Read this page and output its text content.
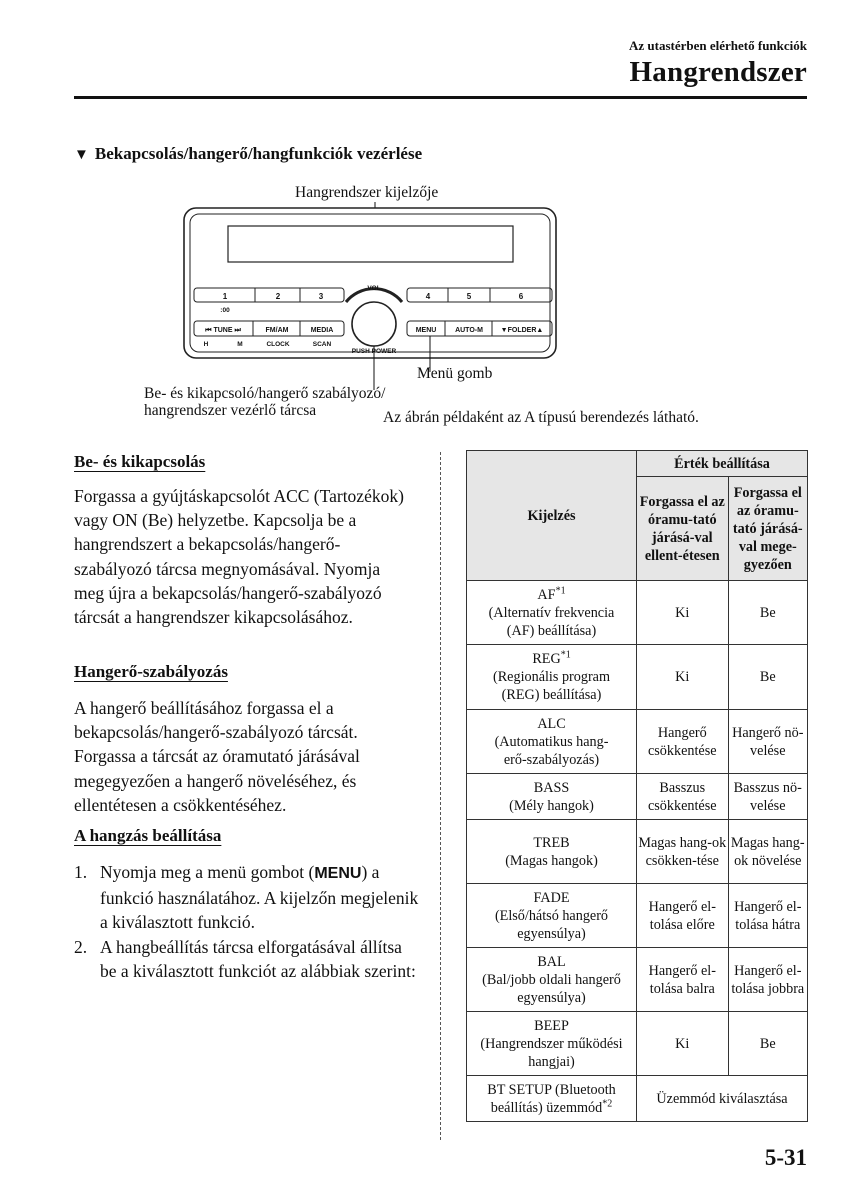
Az utastérben elérhető funkciók
Hangrendszer
▼ Bekapcsolás/hangerő/hangfunkciók vezérlése
1	2	3	4	5	6
:00
⏮ TUNE ⏭	FM/AM	MEDIA	MENU	AUTO-M	▼FOLDER▲
H	M	CLOCK	SCAN
VOL
PUSH POWER
Hangrendszer kijelzője
Menü gomb
Be- és kikapcsoló/hangerő szabályozó/
hangrendszer vezérlő tárcsa	Az ábrán példaként az A típusú berendezés látható.
Be- és kikapcsolás
Forgassa a gyújtáskapcsolót ACC (Tartozékok) vagy ON (Be) helyzetbe. Kapcsolja be a hangrendszert a bekapcsolás/hangerő-szabályozó tárcsa megnyomásával. Nyomja meg újra a bekapcsolás/hangerő-szabályozó tárcsát a hangrendszer kikapcsolásához.
Hangerő-szabályozás
A hangerő beállításához forgassa el a bekapcsolás/hangerő-szabályozó tárcsát. Forgassa a tárcsát az óramutató járásával megegyezően a hangerő növeléséhez, és ellentétesen a csökkentéséhez.
A hangzás beállítása
1. Nyomja meg a menü gombot (MENU) a funkció használatához. A kijelzőn megjelenik a kiválasztott funkció.
2. A hangbeállítás tárcsa elforgatásával állítsa be a kiválasztott funkciót az alábbiak szerint:
Kijelzés	Érték beállítása	
	Forgassa el az óramu-tató járásá-val ellent-étesen	Forgassa el az óramu-tató járásá-val mege-gyezően
AF$^{*1}$
(Alternatív frekvencia
(AF) beállítása)	Ki	Be
REG$^{*1}$
(Regionális program
(REG) beállítása)	Ki	Be
ALC
(Automatikus hang-
erő-szabályozás)	Hangerő csökkentése	Hangerő nö-velése
BASS
(Mély hangok)	Basszus csökkentése	Basszus nö-velése
TREB
(Magas hangok)	Magas hang-ok csökken-tése	Magas hang-ok növelése
FADE
(Első/hátsó hangerő
egyensúlya)	Hangerő el-tolása előre	Hangerő el-tolása hátra
BAL
(Bal/jobb oldali hangerő
egyensúlya)	Hangerő el-tolása balra	Hangerő el-tolása jobbra
BEEP
(Hangrendszer működési
hangjai)	Ki	Be
BT SETUP (Bluetooth
beállítás) üzemmód$^{*2}$	Üzemmód kiválasztása	
5-31
